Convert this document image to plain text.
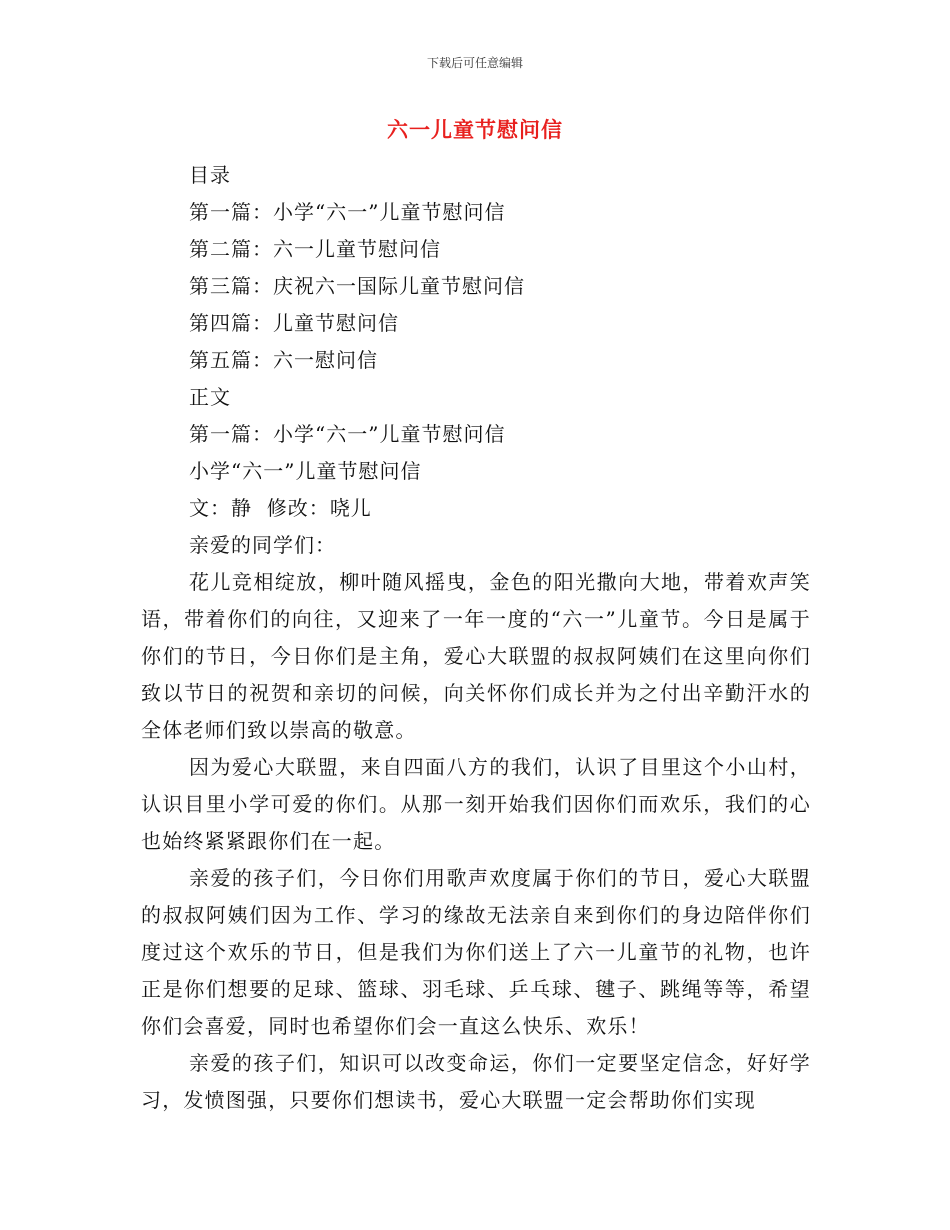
下载后可任意编辑
六一儿童节慰问信
目录
第一篇：小学“六一”儿童节慰问信
第二篇：六一儿童节慰问信
第三篇：庆祝六一国际儿童节慰问信
第四篇：儿童节慰问信
第五篇：六一慰问信
正文
第一篇：小学“六一”儿童节慰问信
小学“六一”儿童节慰问信
文：静  修改：哓儿
亲爱的同学们：

花儿竞相绽放，柳叶随风摇曳，金色的阳光撒向大地，带着欢声笑语，带着你们的向往，又迎来了一年一度的“六一”儿童节。今日是属于你们的节日，今日你们是主角，爱心大联盟的叔叔阿姨们在这里向你们致以节日的祝贺和亲切的问候，向关怀你们成长并为之付出辛勤汗水的全体老师们致以崇高的敬意。

因为爱心大联盟，来自四面八方的我们，认识了目里这个小山村，认识目里小学可爱的你们。从那一刻开始我们因你们而欢乐，我们的心也始终紧紧跟你们在一起。

亲爱的孩子们，今日你们用歌声欢度属于你们的节日，爱心大联盟的叔叔阿姨们因为工作、学习的缘故无法亲自来到你们的身边陪伴你们度过这个欢乐的节日，但是我们为你们送上了六一儿童节的礼物，也许正是你们想要的足球、篮球、羽毛球、乒乓球、毽子、跳绳等等，希望你们会喜爱，同时也希望你们会一直这么快乐、欢乐！

亲爱的孩子们，知识可以改变命运，你们一定要坚定信念，好好学习，发愤图强，只要你们想读书，爱心大联盟一定会帮助你们实现
